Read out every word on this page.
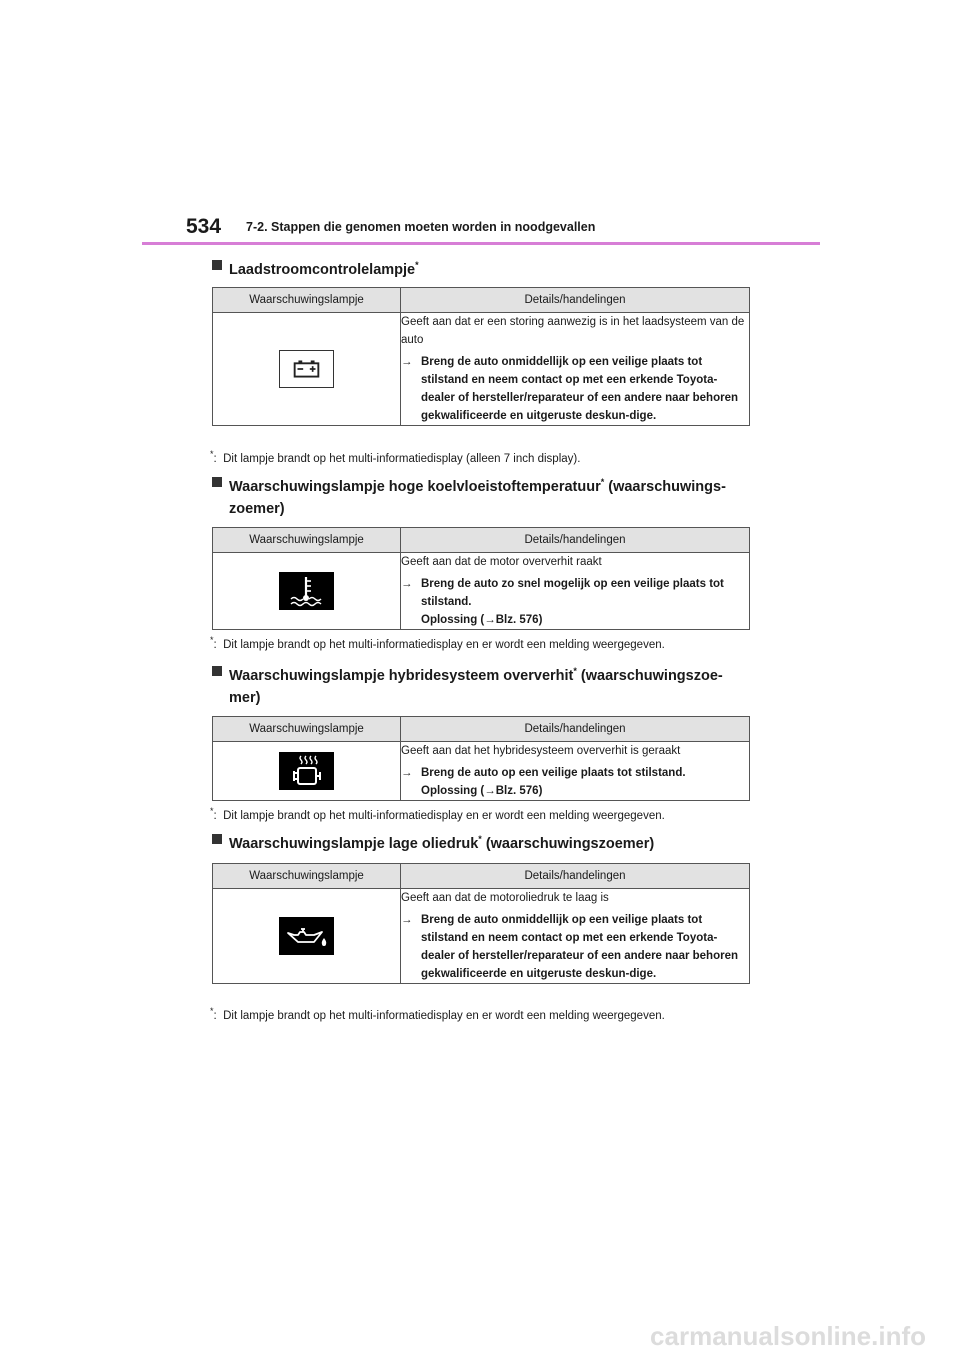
534 7-2. Stappen die genomen moeten worden in noodgevallen
Laadstroomcontrolelampje*
Waarschuwingslampje	Details/handelingen

Geeft aan dat er een storing aanwezig is in het laadsysteem van de auto
→ Breng de auto onmiddellijk op een veilige plaats tot stilstand en neem contact op met een erkende Toyota-dealer of hersteller/reparateur of een andere naar behoren gekwalificeerde en uitgeruste deskun-dige.
*: Dit lampje brandt op het multi-informatiedisplay (alleen 7 inch display).
Waarschuwingslampje hoge koelvloeistoftemperatuur* (waarschuwings-zoemer)
Waarschuwingslampje	Details/handelingen

Geeft aan dat de motor oververhit raakt
→ Breng de auto zo snel mogelijk op een veilige plaats tot stilstand.
Oplossing (→Blz. 576)
*: Dit lampje brandt op het multi-informatiedisplay en er wordt een melding weergegeven.
Waarschuwingslampje hybridesysteem oververhit* (waarschuwingszoe-mer)
Waarschuwingslampje	Details/handelingen

Geeft aan dat het hybridesysteem oververhit is geraakt
→ Breng de auto op een veilige plaats tot stilstand.
Oplossing (→Blz. 576)
*: Dit lampje brandt op het multi-informatiedisplay en er wordt een melding weergegeven.
Waarschuwingslampje lage oliedruk* (waarschuwingszoemer)
Waarschuwingslampje	Details/handelingen

Geeft aan dat de motoroliedruk te laag is
→ Breng de auto onmiddellijk op een veilige plaats tot stilstand en neem contact op met een erkende Toyota-dealer of hersteller/reparateur of een andere naar behoren gekwalificeerde en uitgeruste deskun-dige.
*: Dit lampje brandt op het multi-informatiedisplay en er wordt een melding weergegeven.
carmanualsonline.info
